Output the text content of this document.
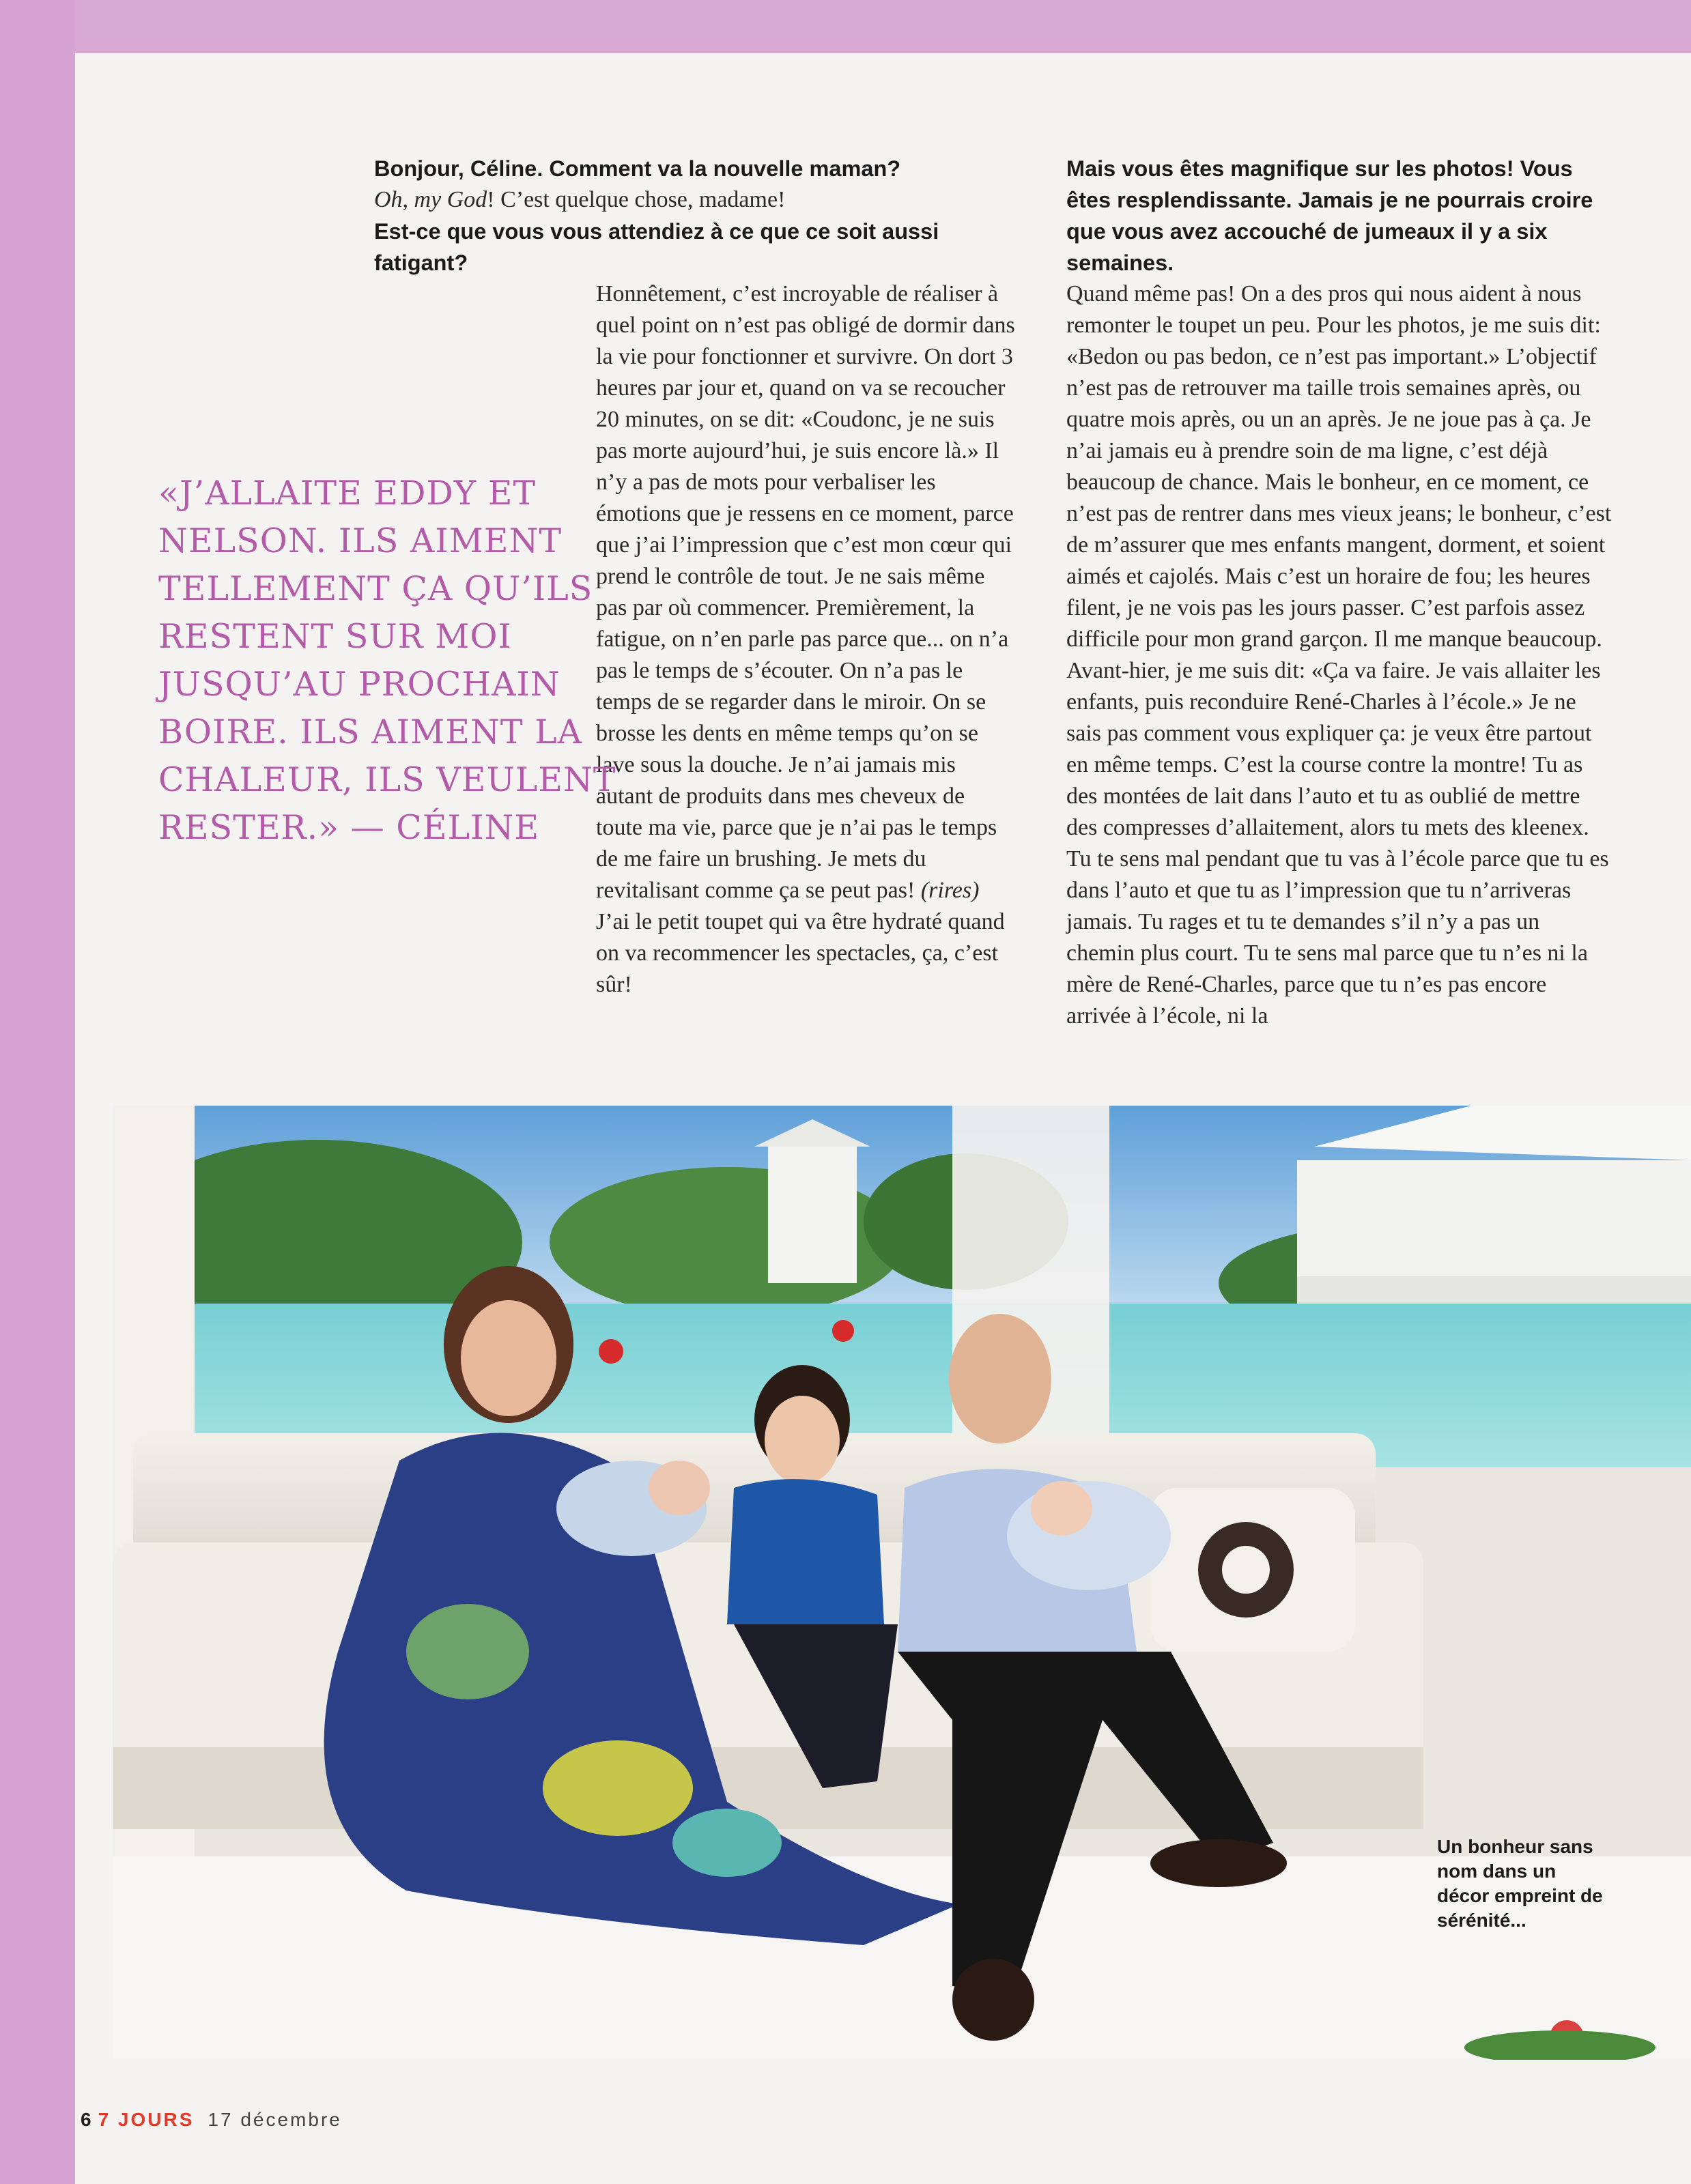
Bonjour, Céline. Comment va la nouvelle maman?

Oh, my God! C’est quelque chose, madame!

Est-ce que vous vous attendiez à ce que ce soit aussi fatigant?

Honnêtement, c’est incroyable de réaliser à quel point on n’est pas obligé de dormir dans la vie pour fonctionner et survivre. On dort 3 heures par jour et, quand on va se recoucher 20 minutes, on se dit: «Coudonc, je ne suis pas morte aujourd’hui, je suis encore là.» Il n’y a pas de mots pour verbaliser les émotions que je ressens en ce moment, parce que j’ai l’impression que c’est mon cœur qui prend le contrôle de tout. Je ne sais même pas par où commencer. Premièrement, la fatigue, on n’en parle pas parce que... on n’a pas le temps de s’écouter. On n’a pas le temps de se regarder dans le miroir. On se brosse les dents en même temps qu’on se lave sous la douche. Je n’ai jamais mis autant de produits dans mes cheveux de toute ma vie, parce que je n’ai pas le temps de me faire un brushing. Je mets du revitalisant comme ça se peut pas! (rires) J’ai le petit toupet qui va être hydraté quand on va recommencer les spectacles, ça, c’est sûr!
«J’ALLAITE EDDY ET NELSON. ILS AIMENT TELLEMENT ÇA QU’ILS RESTENT SUR MOI JUSQU’AU PROCHAIN BOIRE. ILS AIMENT LA CHALEUR, ILS VEULENT RESTER.» — CÉLINE

Mais vous êtes magnifique sur les photos! Vous êtes resplendissante. Jamais je ne pourrais croire que vous avez accouché de jumeaux il y a six semaines.

Quand même pas! On a des pros qui nous aident à nous remonter le toupet un peu. Pour les photos, je me suis dit: «Bedon ou pas bedon, ce n’est pas important.» L’objectif n’est pas de retrouver ma taille trois semaines après, ou quatre mois après, ou un an après. Je ne joue pas à ça. Je n’ai jamais eu à prendre soin de ma ligne, c’est déjà beaucoup de chance. Mais le bonheur, en ce moment, ce n’est pas de rentrer dans mes vieux jeans; le bonheur, c’est de m’assurer que mes enfants mangent, dorment, et soient aimés et cajolés. Mais c’est un horaire de fou; les heures filent, je ne vois pas les jours passer. C’est parfois assez difficile pour mon grand garçon. Il me manque beaucoup. Avant-hier, je me suis dit: «Ça va faire. Je vais allaiter les enfants, puis reconduire René-Charles à l’école.» Je ne sais pas comment vous expliquer ça: je veux être partout en même temps. C’est la course contre la montre! Tu as des montées de lait dans l’auto et tu as oublié de mettre des compresses d’allaitement, alors tu mets des kleenex. Tu te sens mal pendant que tu vas à l’école parce que tu es dans l’auto et que tu as l’impression que tu n’arriveras jamais. Tu rages et tu te demandes s’il n’y a pas un chemin plus court. Tu te sens mal parce que tu n’es ni la mère de René-Charles, parce que tu n’es pas encore arrivée à l’école, ni la

Un bonheur sans nom dans un décor empreint de sérénité...
6 7 JOURS 17 décembre
